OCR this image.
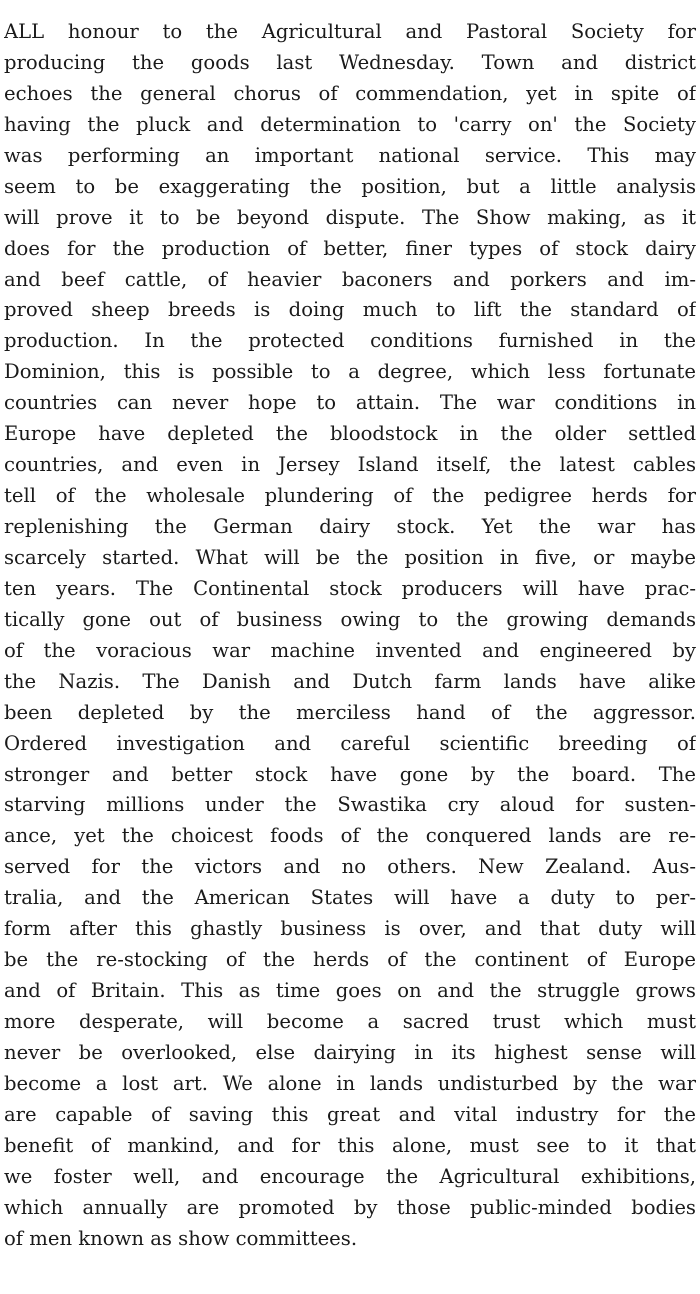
ALL honour to the Agricultural and Pastoral Society for
producing the goods last Wednesday. Town and district
echoes the general chorus of commendation, yet in spite of
having the pluck and determination to 'carry on' the Society
was performing an important national service. This may
seem to be exaggerating the position, but a little analysis
will prove it to be beyond dispute. The Show making, as it
does for the production of better, finer types of stock dairy
and beef cattle, of heavier baconers and porkers and im-
proved sheep breeds is doing much to lift the standard of
production. In the protected conditions furnished in the
Dominion, this is possible to a degree, which less fortunate
countries can never hope to attain. The war conditions in
Europe have depleted the bloodstock in the older settled
countries, and even in Jersey Island itself, the latest cables
tell of the wholesale plundering of the pedigree herds for
replenishing the German dairy stock. Yet the war has
scarcely started. What will be the position in five, or maybe
ten years. The Continental stock producers will have prac-
tically gone out of business owing to the growing demands
of the voracious war machine invented and engineered by
the Nazis. The Danish and Dutch farm lands have alike
been depleted by the merciless hand of the aggressor.
Ordered investigation and careful scientific breeding of
stronger and better stock have gone by the board. The
starving millions under the Swastika cry aloud for susten-
ance, yet the choicest foods of the conquered lands are re-
served for the victors and no others. New Zealand. Aus-
tralia, and the American States will have a duty to per-
form after this ghastly business is over, and that duty will
be the re-stocking of the herds of the continent of Europe
and of Britain. This as time goes on and the struggle grows
more desperate, will become a sacred trust which must
never be overlooked, else dairying in its highest sense will
become a lost art. We alone in lands undisturbed by the war
are capable of saving this great and vital industry for the
benefit of mankind, and for this alone, must see to it that
we foster well, and encourage the Agricultural exhibitions,
which annually are promoted by those public-minded bodies
of men known as show committees.
